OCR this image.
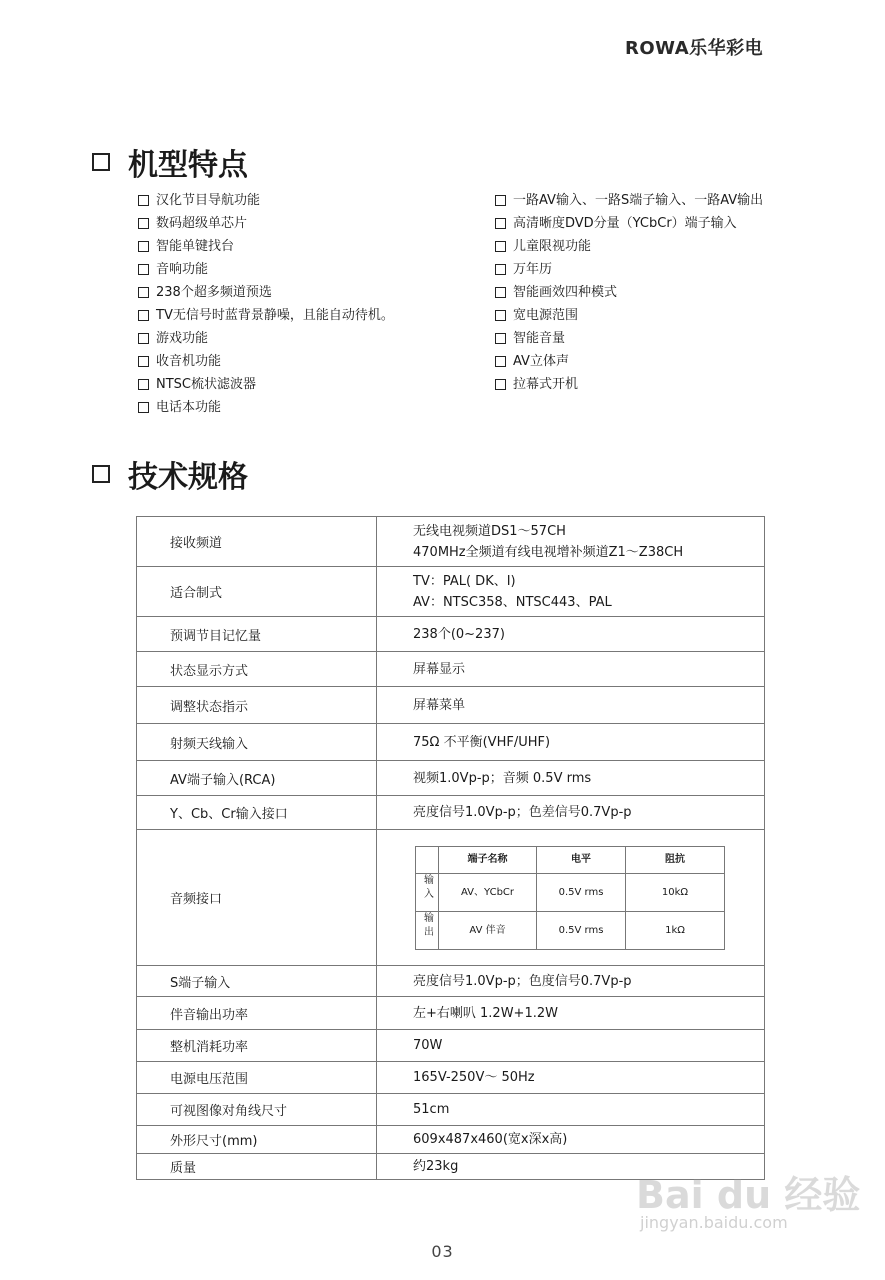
ROWA乐华彩电
机型特点
汉化节目导航功能
数码超级单芯片
智能单键找台
音响功能
238个超多频道预选
TV无信号时蓝背景静噪，且能自动待机。
游戏功能
收音机功能
NTSC梳状滤波器
电话本功能
一路AV输入、一路S端子输入、一路AV输出
高清晰度DVD分量（YCbCr）端子输入
儿童限视功能
万年历
智能画效四种模式
宽电源范围
智能音量
AV立体声
拉幕式开机
技术规格
接收频道	
无线电视频道DS1～57CH
470MHz全频道有线电视增补频道Z1～Z38CH

适合制式	
TV：PAL( DK、I)
AV：NTSC358、NTSC443、PAL

预调节目记忆量	238个(0~237)
状态显示方式	屏幕显示
调整状态指示	屏幕菜单
射频天线输入	75Ω 不平衡(VHF/UHF)
AV端子输入(RCA)	视频1.0Vp-p；音频 0.5V rms
Y、Cb、Cr输入接口	亮度信号1.0Vp-p；色差信号0.7Vp-p
音频接口	
	端子名称	电平	阻抗
输入	AV、YCbCr	0.5V rms	10kΩ
输出	AV 伴音	0.5V rms	1kΩ

S端子输入	亮度信号1.0Vp-p；色度信号0.7Vp-p
伴音输出功率	左+右喇叭 1.2W+1.2W
整机消耗功率	70W
电源电压范围	165V-250V～ 50Hz
可视图像对角线尺寸	51cm
外形尺寸(mm)	609x487x460(宽x深x高)
质量	约23kg
Bai du 经验
jingyan.baidu.com
03
